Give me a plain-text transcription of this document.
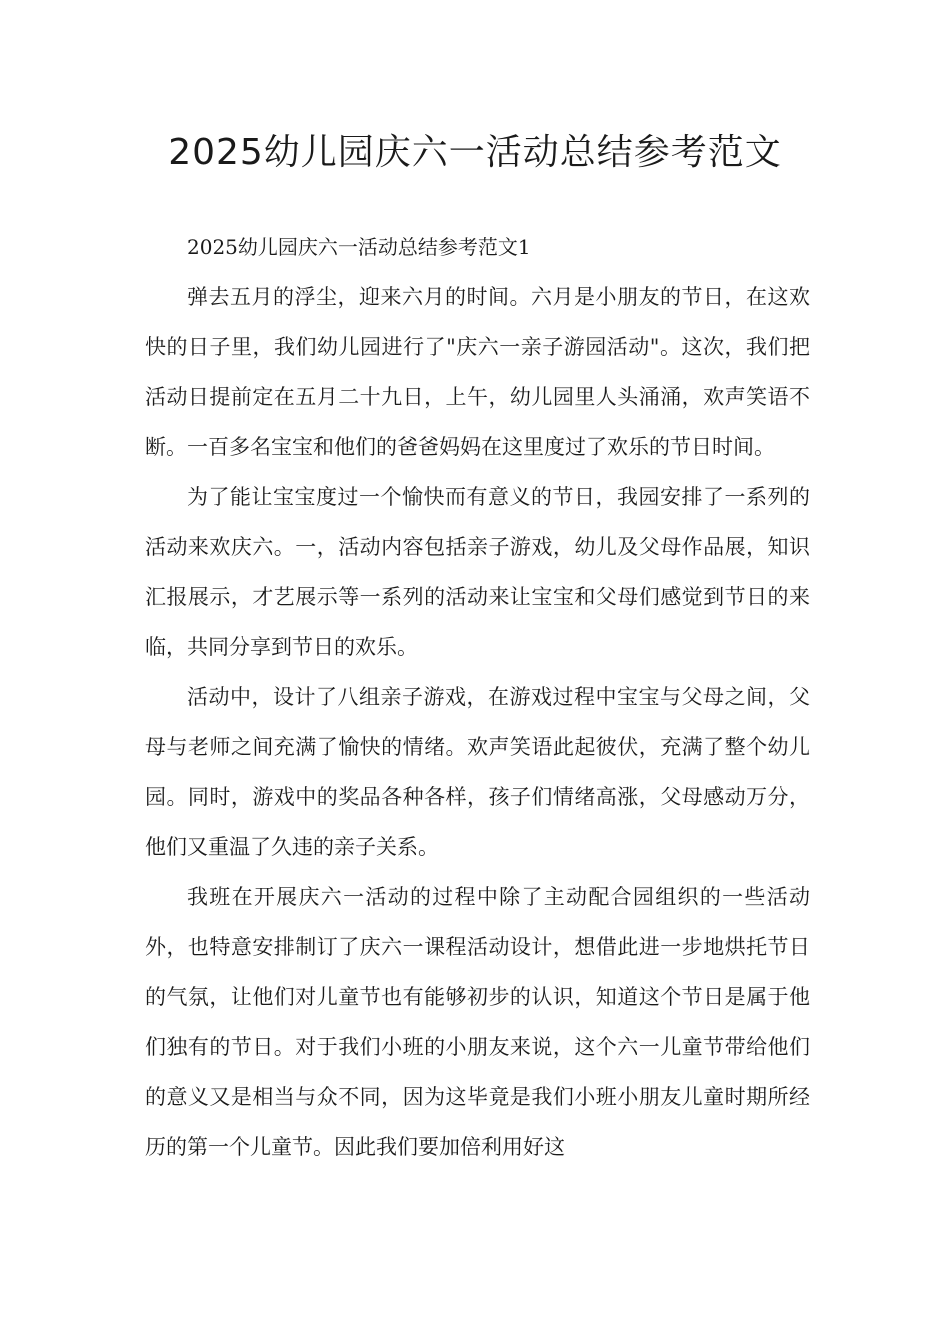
2025幼儿园庆六一活动总结参考范文
2025幼儿园庆六一活动总结参考范文1

弹去五月的浮尘，迎来六月的时间。六月是小朋友的节日，在这欢快的日子里，我们幼儿园进行了"庆六一亲子游园活动"。这次，我们把活动日提前定在五月二十九日，上午，幼儿园里人头涌涌，欢声笑语不断。一百多名宝宝和他们的爸爸妈妈在这里度过了欢乐的节日时间。

为了能让宝宝度过一个愉快而有意义的节日，我园安排了一系列的活动来欢庆六。一，活动内容包括亲子游戏，幼儿及父母作品展，知识汇报展示，才艺展示等一系列的活动来让宝宝和父母们感觉到节日的来临，共同分享到节日的欢乐。

活动中，设计了八组亲子游戏，在游戏过程中宝宝与父母之间，父母与老师之间充满了愉快的情绪。欢声笑语此起彼伏，充满了整个幼儿园。同时，游戏中的奖品各种各样，孩子们情绪高涨，父母感动万分，他们又重温了久违的亲子关系。

我班在开展庆六一活动的过程中除了主动配合园组织的一些活动外，也特意安排制订了庆六一课程活动设计，想借此进一步地烘托节日的气氛，让他们对儿童节也有能够初步的认识，知道这个节日是属于他们独有的节日。对于我们小班的小朋友来说，这个六一儿童节带给他们的意义又是相当与众不同，因为这毕竟是我们小班小朋友儿童时期所经历的第一个儿童节。因此我们要加倍利用好这
